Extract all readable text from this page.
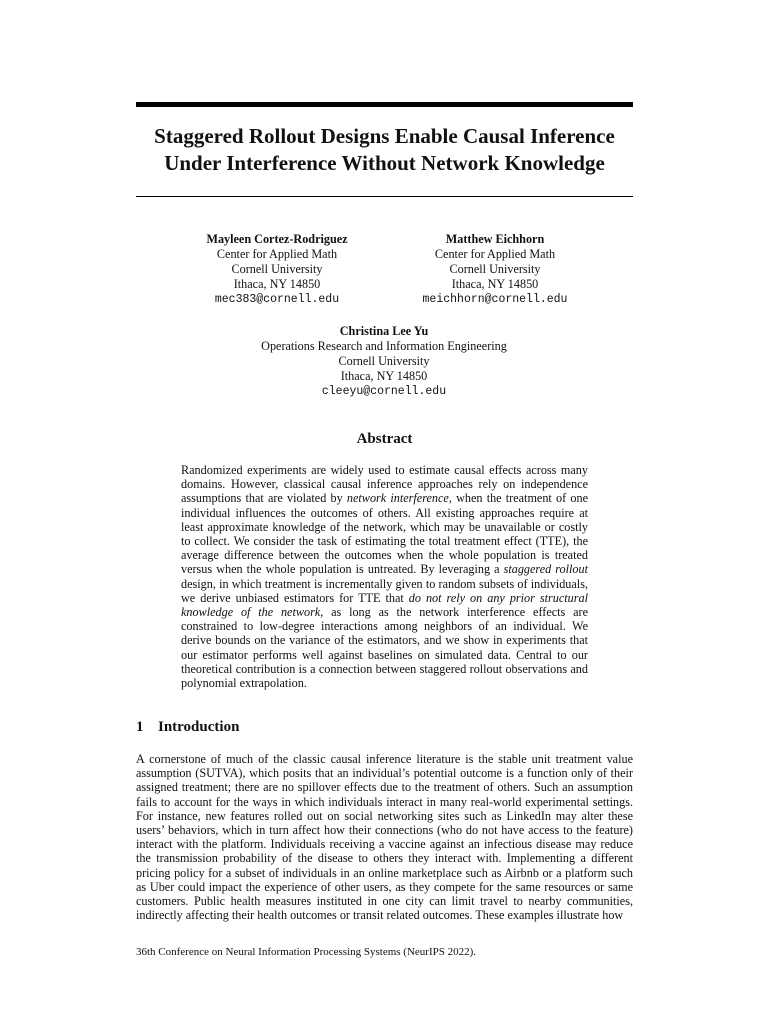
Staggered Rollout Designs Enable Causal Inference
Under Interference Without Network Knowledge
Mayleen Cortez-Rodriguez
Center for Applied Math
Cornell University
Ithaca, NY 14850
mec383@cornell.edu
Matthew Eichhorn
Center for Applied Math
Cornell University
Ithaca, NY 14850
meichhorn@cornell.edu
Christina Lee Yu
Operations Research and Information Engineering
Cornell University
Ithaca, NY 14850
cleeyu@cornell.edu
Abstract
Randomized experiments are widely used to estimate causal effects across many domains. However, classical causal inference approaches rely on independence assumptions that are violated by network interference, when the treatment of one individual influences the outcomes of others. All existing approaches require at least approximate knowledge of the network, which may be unavailable or costly to collect. We consider the task of estimating the total treatment effect (TTE), the average difference between the outcomes when the whole population is treated versus when the whole population is untreated. By leveraging a staggered rollout design, in which treatment is incrementally given to random subsets of individuals, we derive unbiased estimators for TTE that do not rely on any prior structural knowledge of the network, as long as the network interference effects are constrained to low-degree interactions among neighbors of an individual. We derive bounds on the variance of the estimators, and we show in experiments that our estimator performs well against baselines on simulated data. Central to our theoretical contribution is a connection between staggered rollout observations and polynomial extrapolation.
1 Introduction
A cornerstone of much of the classic causal inference literature is the stable unit treatment value assumption (SUTVA), which posits that an individual’s potential outcome is a function only of their assigned treatment; there are no spillover effects due to the treatment of others. Such an assumption fails to account for the ways in which individuals interact in many real-world experimental settings. For instance, new features rolled out on social networking sites such as LinkedIn may alter these users’ behaviors, which in turn affect how their connections (who do not have access to the feature) interact with the platform. Individuals receiving a vaccine against an infectious disease may reduce the transmission probability of the disease to others they interact with. Implementing a different pricing policy for a subset of individuals in an online marketplace such as Airbnb or a platform such as Uber could impact the experience of other users, as they compete for the same resources or same customers. Public health measures instituted in one city can limit travel to nearby communities, indirectly affecting their health outcomes or transit related outcomes. These examples illustrate how
36th Conference on Neural Information Processing Systems (NeurIPS 2022).
